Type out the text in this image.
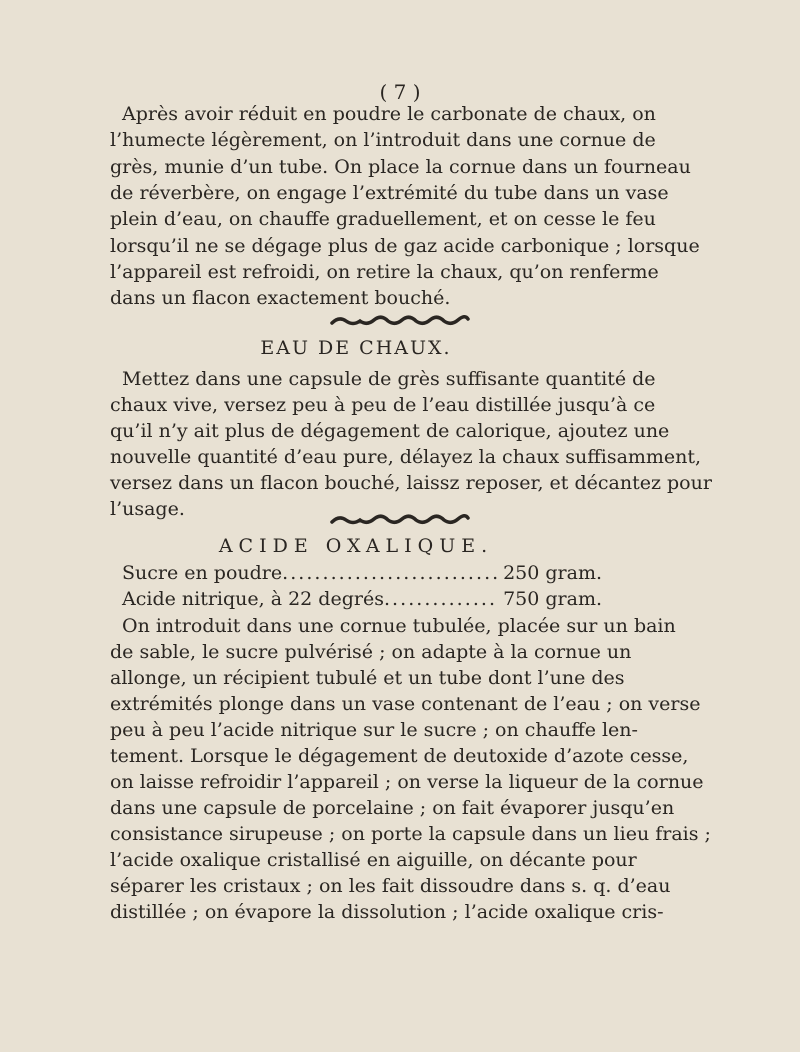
( 7 )
Après avoir réduit en poudre le carbonate de chaux, on
l’humecte légèrement, on l’introduit dans une cornue de
grès, munie d’un tube. On place la cornue dans un fourneau
de réverbère, on engage l’extrémité du tube dans un vase
plein d’eau, on chauffe graduellement, et on cesse le feu
lorsqu’il ne se dégage plus de gaz acide carbonique ; lorsque
l’appareil est refroidi, on retire la chaux, qu’on renferme
dans un flacon exactement bouché.
EAU DE CHAUX.
Mettez dans une capsule de grès suffisante quantité de
chaux vive, versez peu à peu de l’eau distillée jusqu’à ce
qu’il n’y ait plus de dégagement de calorique, ajoutez une
nouvelle quantité d’eau pure, délayez la chaux suffisamment,
versez dans un flacon bouché, laissz reposer, et décantez pour
l’usage.
ACIDE OXALIQUE.
Sucre en poudre . . .	250 gram.
Acide nitrique, à 22 degrés . . .	750 gram.
On introduit dans une cornue tubulée, placée sur un bain
de sable, le sucre pulvérisé ; on adapte à la cornue un
allonge, un récipient tubulé et un tube dont l’une des
extrémités plonge dans un vase contenant de l’eau ; on verse
peu à peu l’acide nitrique sur le sucre ; on chauffe len-
tement. Lorsque le dégagement de deutoxide d’azote cesse,
on laisse refroidir l’appareil ; on verse la liqueur de la cornue
dans une capsule de porcelaine ; on fait évaporer jusqu’en
consistance sirupeuse ; on porte la capsule dans un lieu frais ;
l’acide oxalique cristallisé en aiguille, on décante pour
séparer les cristaux ; on les fait dissoudre dans s. q. d’eau
distillée ; on évapore la dissolution ; l’acide oxalique cris-
